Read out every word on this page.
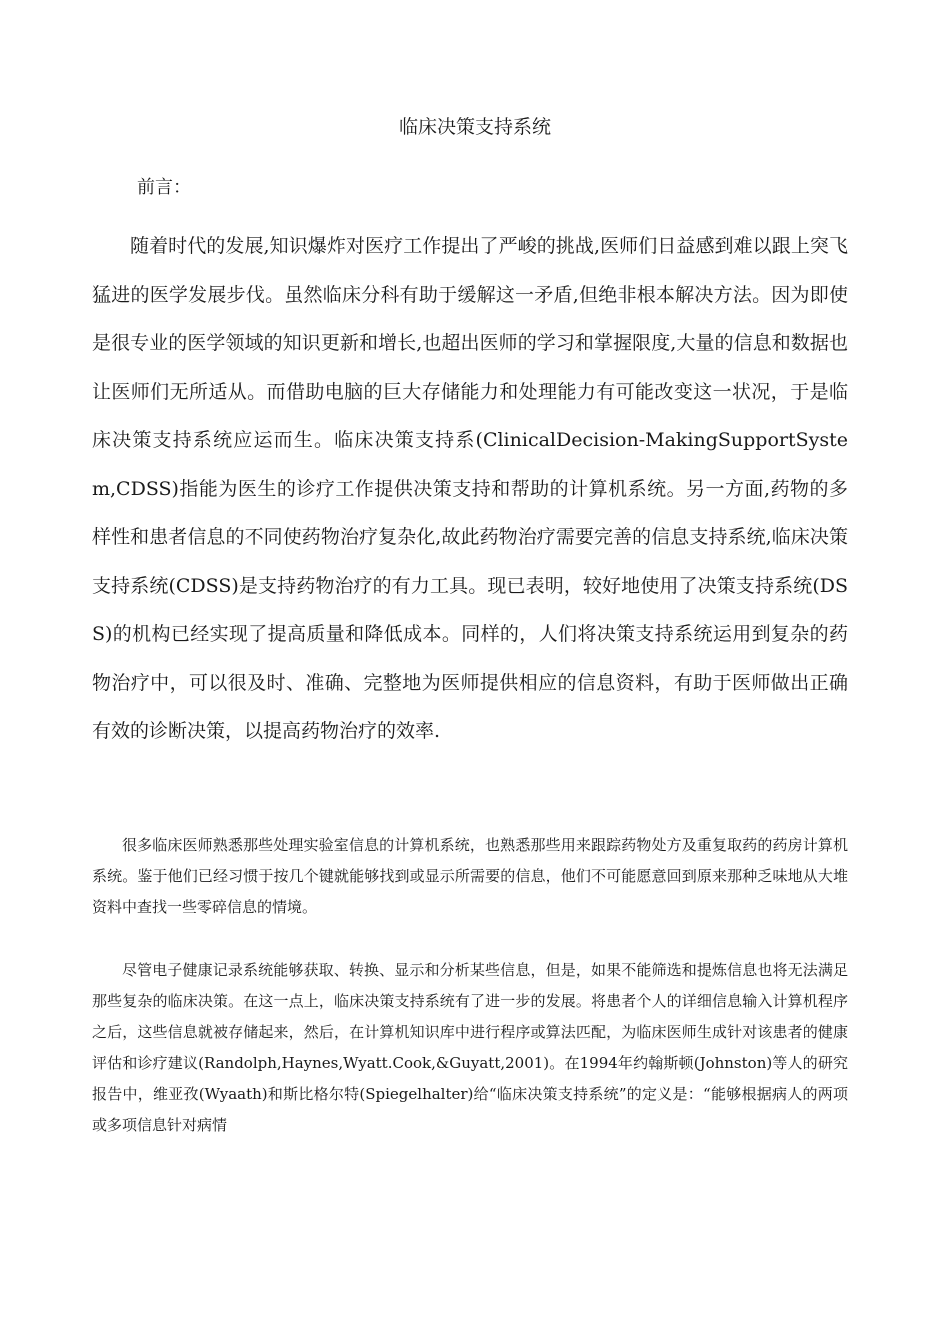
临床决策支持系统
前言：

随着时代的发展,知识爆炸对医疗工作提出了严峻的挑战,医师们日益感到难以跟上突飞猛进的医学发展步伐。虽然临床分科有助于缓解这一矛盾,但绝非根本解决方法。因为即使是很专业的医学领域的知识更新和增长,也超出医师的学习和掌握限度,大量的信息和数据也让医师们无所适从。而借助电脑的巨大存储能力和处理能力有可能改变这一状况，于是临床决策支持系统应运而生。临床决策支持系(ClinicalDecision-MakingSupportSystem,CDSS)指能为医生的诊疗工作提供决策支持和帮助的计算机系统。另一方面,药物的多样性和患者信息的不同使药物治疗复杂化,故此药物治疗需要完善的信息支持系统,临床决策支持系统(CDSS)是支持药物治疗的有力工具。现已表明，较好地使用了决策支持系统(DSS)的机构已经实现了提高质量和降低成本。同样的，人们将决策支持系统运用到复杂的药物治疗中，可以很及时、准确、完整地为医师提供相应的信息资料，有助于医师做出正确有效的诊断决策，以提高药物治疗的效率.

很多临床医师熟悉那些处理实验室信息的计算机系统，也熟悉那些用来跟踪药物处方及重复取药的药房计算机系统。鉴于他们已经习惯于按几个键就能够找到或显示所需要的信息，他们不可能愿意回到原来那种乏味地从大堆资料中查找一些零碎信息的情境。

尽管电子健康记录系统能够获取、转换、显示和分析某些信息，但是，如果不能筛选和提炼信息也将无法满足那些复杂的临床决策。在这一点上，临床决策支持系统有了进一步的发展。将患者个人的详细信息输入计算机程序之后，这些信息就被存储起来，然后，在计算机知识库中进行程序或算法匹配，为临床医师生成针对该患者的健康评估和诊疗建议(Randolph,Haynes,Wyatt.Cook,&Guyatt,2001)。在1994年约翰斯顿(Johnston)等人的研究报告中，维亚孜(Wyaath)和斯比格尔特(Spiegelhalter)给“临床决策支持系统”的定义是：“能够根据病人的两项或多项信息针对病情
